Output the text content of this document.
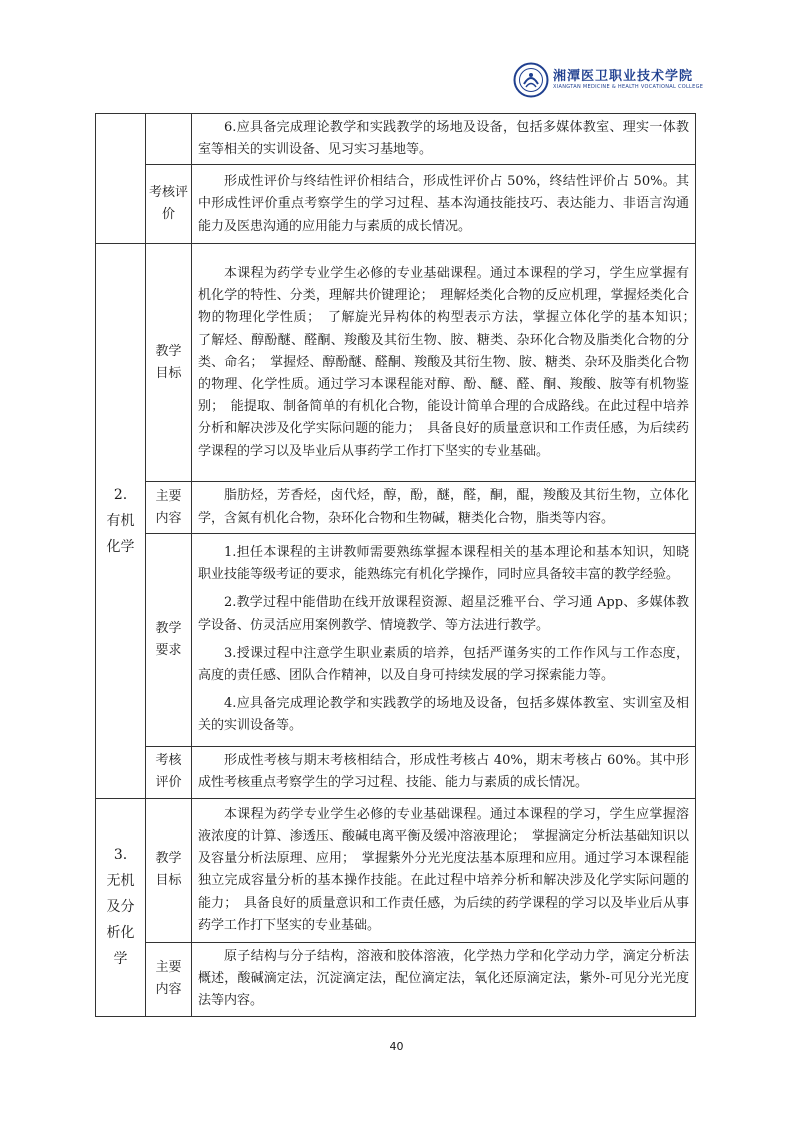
湘潭医卫职业技术学院
XIANGTAN MEDICINE & HEALTH VOCATIONAL COLLEGE

		6.应具备完成理论教学和实践教学的场地及设备，包括多媒体教室、理实一体教室等相关的实训设备、见习实习基地等。

	考核评价	形成性评价与终结性评价相结合，形成性评价占 50%，终结性评价占 50%。其中形成性评价重点考察学生的学习过程、基本沟通技能技巧、表达能力、非语言沟通能力及医患沟通的应用能力与素质的成长情况。

2.
有机化学	教学目标	本课程为药学专业学生必修的专业基础课程。通过本课程的学习，学生应掌握有机化学的特性、分类，理解共价键理论；　理解烃类化合物的反应机理，掌握烃类化合物的物理化学性质；　了解旋光异构体的构型表示方法，掌握立体化学的基本知识；　了解烃、醇酚醚、醛酮、羧酸及其衍生物、胺、糖类、杂环化合物及脂类化合物的分类、命名；　掌握烃、醇酚醚、醛酮、羧酸及其衍生物、胺、糖类、杂环及脂类化合物的物理、化学性质。通过学习本课程能对醇、酚、醚、醛、酮、羧酸、胺等有机物鉴别；　能提取、制备简单的有机化合物，能设计简单合理的合成路线。在此过程中培养分析和解决涉及化学实际问题的能力；　具备良好的质量意识和工作责任感，为后续药学课程的学习以及毕业后从事药学工作打下坚实的专业基础。

	主要内容	脂肪烃，芳香烃，卤代烃，醇，酚，醚，醛，酮，醌，羧酸及其衍生物，立体化学，含氮有机化合物，杂环化合物和生物碱，糖类化合物，脂类等内容。

	教学要求	1.担任本课程的主讲教师需要熟练掌握本课程相关的基本理论和基本知识，知晓职业技能等级考证的要求，能熟练完有机化学操作，同时应具备较丰富的教学经验。

2.教学过程中能借助在线开放课程资源、超星泛雅平台、学习通 App、多媒体教学设备、仿灵活应用案例教学、情境教学、等方法进行教学。

3.授课过程中注意学生职业素质的培养，包括严谨务实的工作作风与工作态度，高度的责任感、团队合作精神，以及自身可持续发展的学习探索能力等。

4.应具备完成理论教学和实践教学的场地及设备，包括多媒体教室、实训室及相关的实训设备等。

	考核评价	形成性考核与期末考核相结合，形成性考核占 40%，期末考核占 60%。其中形成性考核重点考察学生的学习过程、技能、能力与素质的成长情况。

3.
无机及分析化学	教学目标	本课程为药学专业学生必修的专业基础课程。通过本课程的学习，学生应掌握溶液浓度的计算、渗透压、酸碱电离平衡及缓冲溶液理论；　掌握滴定分析法基础知识以及容量分析法原理、应用；　掌握紫外分光光度法基本原理和应用。通过学习本课程能独立完成容量分析的基本操作技能。在此过程中培养分析和解决涉及化学实际问题的能力；　具备良好的质量意识和工作责任感，为后续的药学课程的学习以及毕业后从事药学工作打下坚实的专业基础。

	主要内容	原子结构与分子结构，溶液和胶体溶液，化学热力学和化学动力学，滴定分析法概述，酸碱滴定法，沉淀滴定法，配位滴定法，氧化还原滴定法，紫外-可见分光光度法等内容。

40
